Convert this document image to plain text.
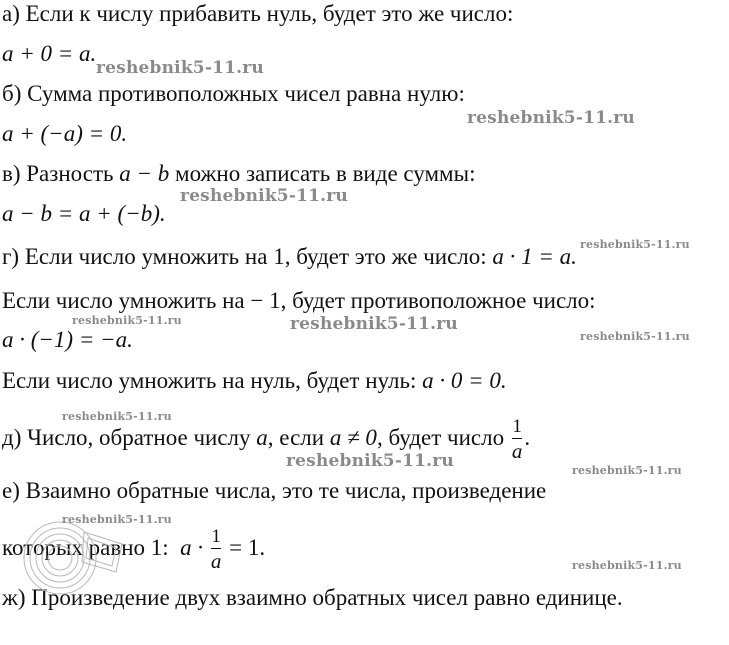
а) Если к числу прибавить нуль, будет это же число:
a + 0 = a.
б) Сумма противоположных чисел равна нулю:
a + (−a) = 0.
в) Разность a − b можно записать в виде суммы:
a − b = a + (−b).
г) Если число умножить на 1, будет это же число: a · 1 = a.
Если число умножить на − 1, будет противоположное число:
a · (−1) = −a.
Если число умножить на нуль, будет нуль: a · 0 = 0.
д) Число, обратное числу a, если a ≠ 0, будет число $\frac{1}{a}$ .
е) Взаимно обратные числа, это те числа, произведение
которых равно 1: $a \cdot \frac{1}{a} = 1$.
ж) Произведение двух взаимно обратных чисел равно единице.
reshebnik5-11.ru
reshebnik5-11.ru
reshebnik5-11.ru
reshebnik5-11.ru
reshebnik5-11.ru	reshebnik5-11.ru
reshebnik5-11.ru
reshebnik5-11.ru
reshebnik5-11.ru	reshebnik5-11.ru
reshebnik5-11.ru
reshebnik5-11.ru
